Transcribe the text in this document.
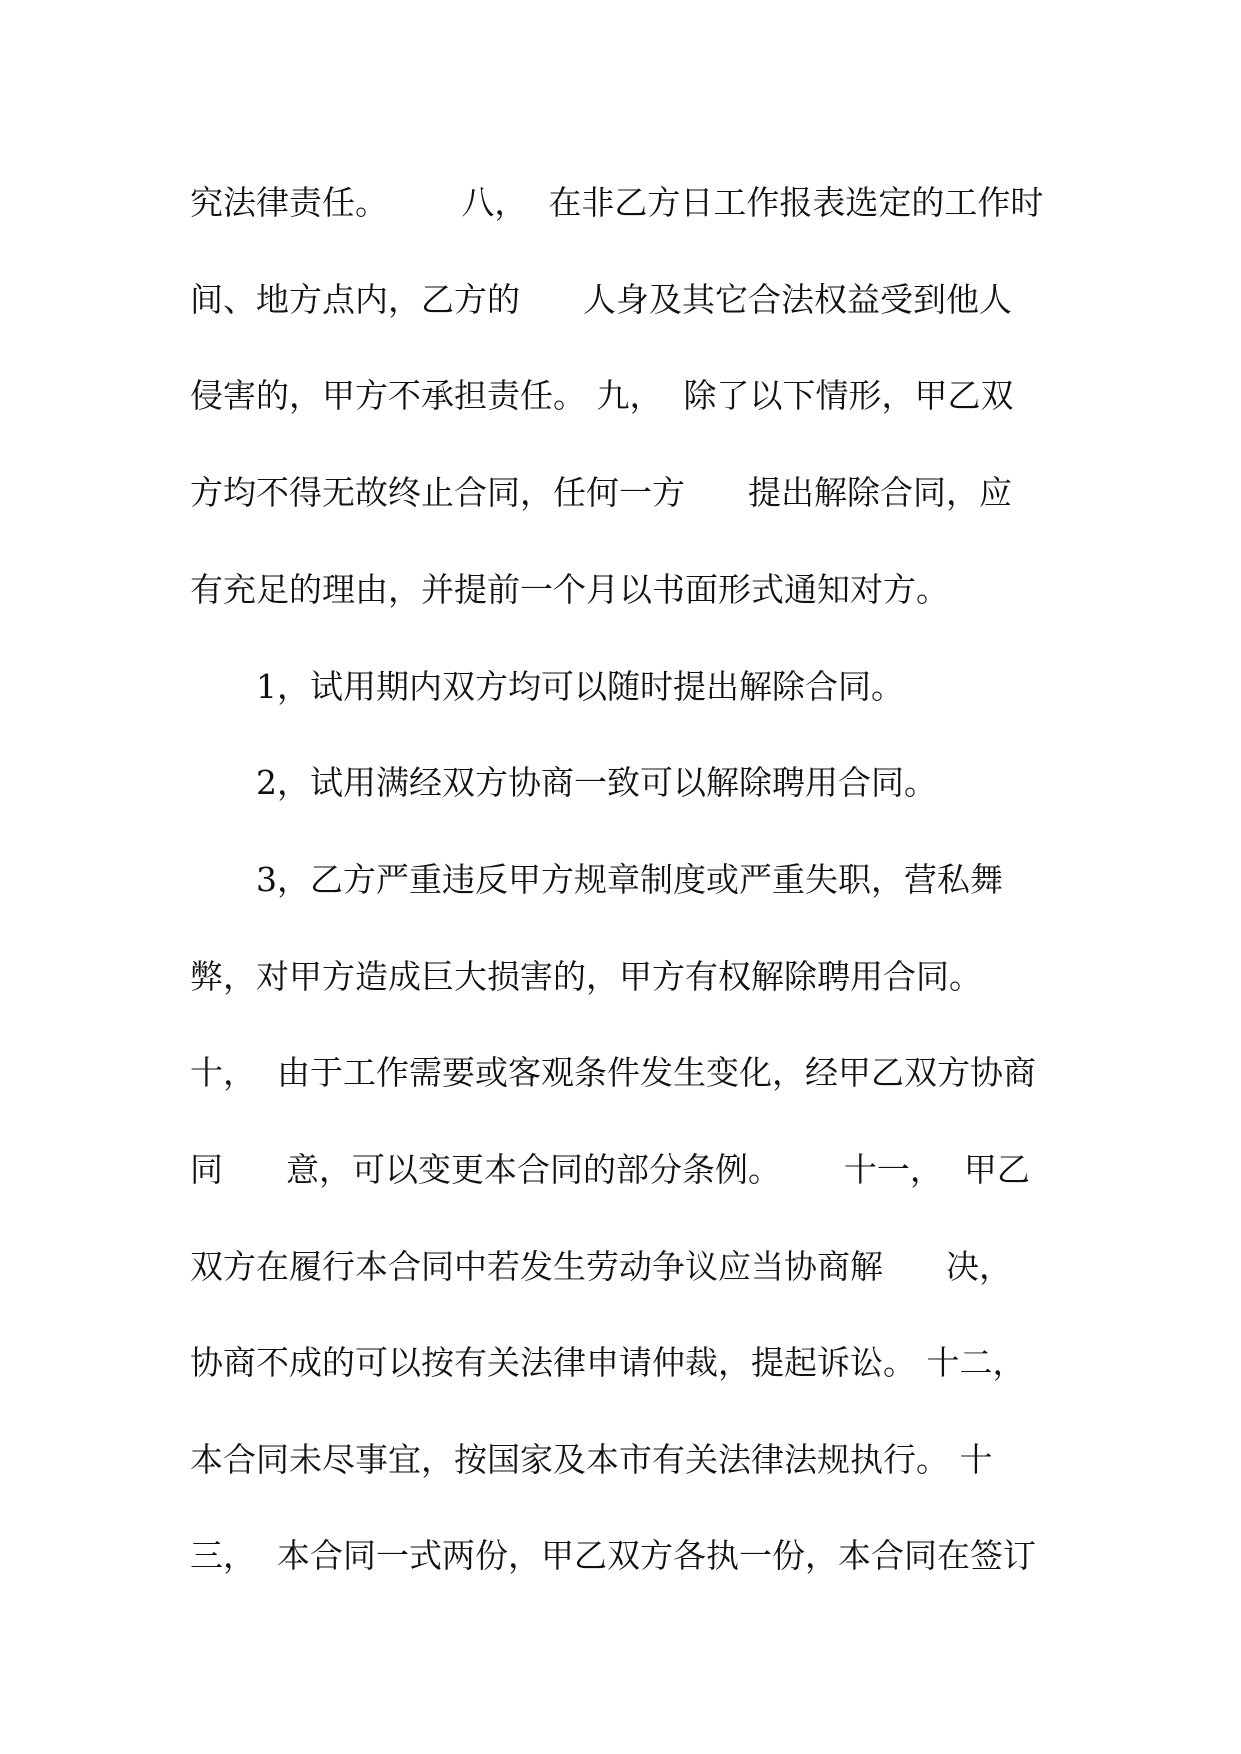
究法律责任。       八，  在非乙方日工作报表选定的工作时
间、地方点内，乙方的      人身及其它合法权益受到他人
侵害的，甲方不承担责任。 九，  除了以下情形，甲乙双
方均不得无故终止合同，任何一方      提出解除合同，应
有充足的理由，并提前一个月以书面形式通知对方。
1，试用期内双方均可以随时提出解除合同。
2，试用满经双方协商一致可以解除聘用合同。
3，乙方严重违反甲方规章制度或严重失职，营私舞
弊，对甲方造成巨大损害的，甲方有权解除聘用合同。
十，  由于工作需要或客观条件发生变化，经甲乙双方协商
同      意，可以变更本合同的部分条例。      十一，  甲乙
双方在履行本合同中若发生劳动争议应当协商解      决，
协商不成的可以按有关法律申请仲裁，提起诉讼。 十二，
本合同未尽事宜，按国家及本市有关法律法规执行。 十
三，  本合同一式两份，甲乙双方各执一份，本合同在签订
